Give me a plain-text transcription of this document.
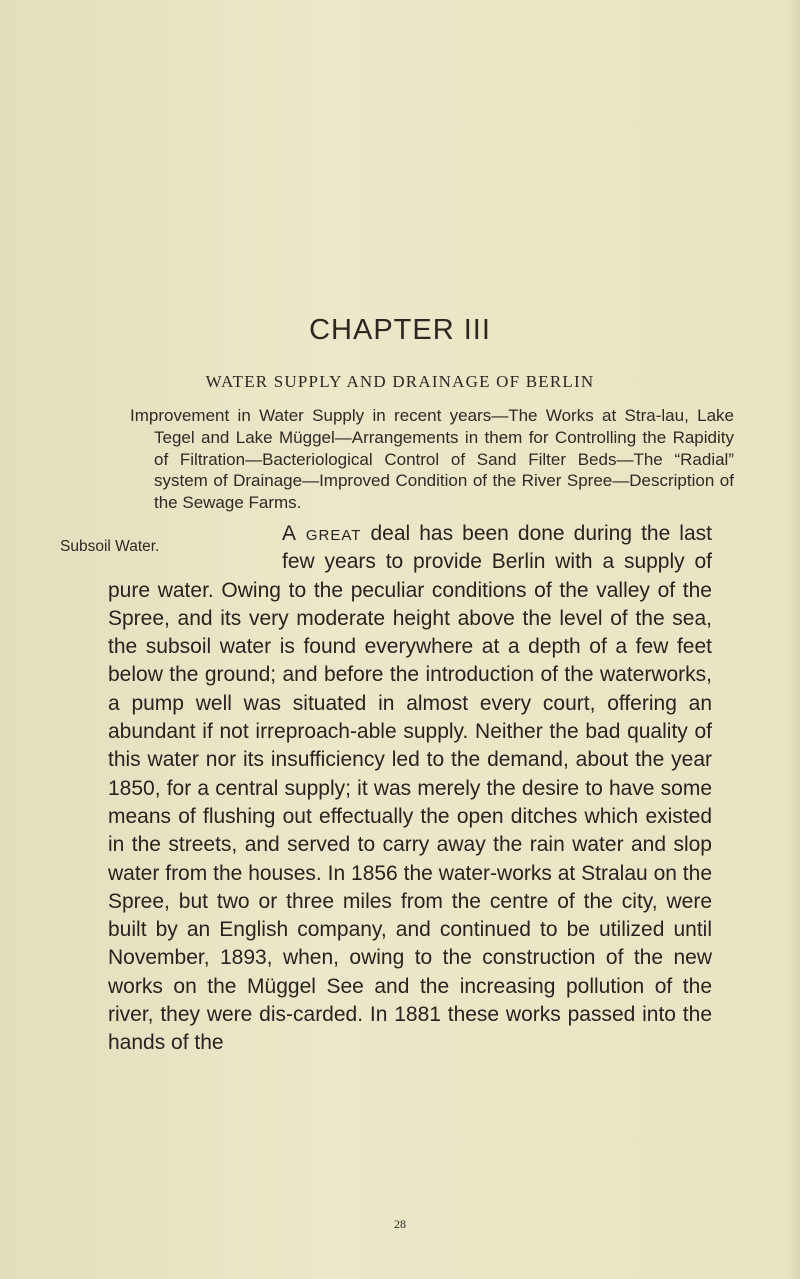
CHAPTER III
WATER SUPPLY AND DRAINAGE OF BERLIN
Improvement in Water Supply in recent years—The Works at Stra-lau, Lake Tegel and Lake Müggel—Arrangements in them for Controlling the Rapidity of Filtration—Bacteriological Control of Sand Filter Beds—The “Radial” system of Drainage—Improved Condition of the River Spree—Description of the Sewage Farms.
Subsoil Water.
A great deal has been done during the last
few years to provide Berlin with a supply of
pure water. Owing to the peculiar conditions of the valley of the Spree, and its very moderate height above the level of the sea, the subsoil water is found everywhere at a depth of a few feet below the ground; and before the introduction of the waterworks, a pump well was situated in almost every court, offering an abundant if not irreproach-able supply. Neither the bad quality of this water nor its insufficiency led to the demand, about the year 1850, for a central supply; it was merely the desire to have some means of flushing out effectually the open ditches which existed in the streets, and served to carry away the rain water and slop water from the houses. In 1856 the water-works at Stralau on the Spree, but two or three miles from the centre of the city, were built by an English company, and continued to be utilized until November, 1893, when, owing to the construction of the new works on the Müggel See and the increasing pollution of the river, they were dis-carded. In 1881 these works passed into the hands of the
28
